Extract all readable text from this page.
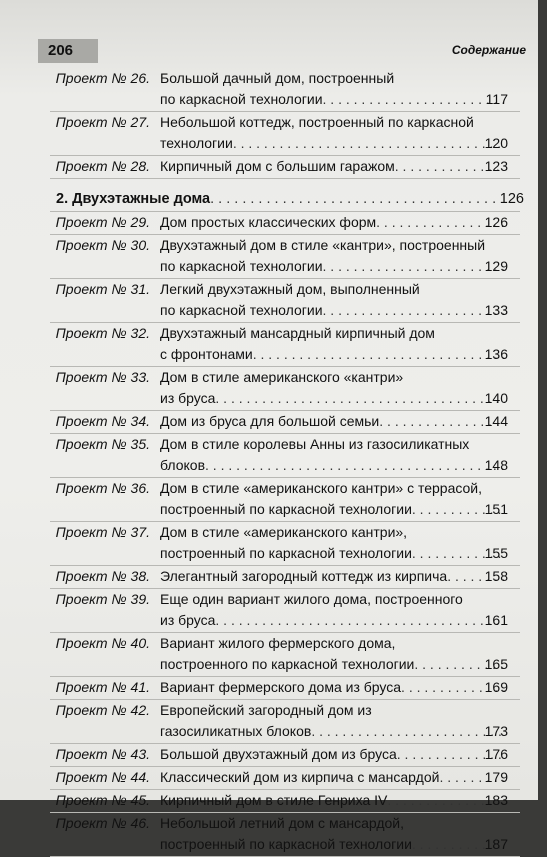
206	Содержание
Проект № 26. Большой дачный дом, построенный
по каркасной технологии . . .	117
Проект № 27. Небольшой коттедж, построенный по каркасной
технологии . . .	120
Проект № 28. Кирпичный дом с большим гаражом . . .	123
2. Двухэтажные дома . . .	126
Проект № 29. Дом простых классических форм . . .	126
Проект № 30. Двухэтажный дом в стиле «кантри», построенный
по каркасной технологии . . .	129
Проект № 31. Легкий двухэтажный дом, выполненный
по каркасной технологии . . .	133
Проект № 32. Двухэтажный мансардный кирпичный дом
с фронтонами . . .	136
Проект № 33. Дом в стиле американского «кантри»
из бруса . . .	140
Проект № 34. Дом из бруса для большой семьи . . .	144
Проект № 35. Дом в стиле королевы Анны из газосиликатных
блоков . . .	148
Проект № 36. Дом в стиле «американского кантри» с террасой,
построенный по каркасной технологии . . .	151
Проект № 37. Дом в стиле «американского кантри»,
построенный по каркасной технологии . . .	155
Проект № 38. Элегантный загородный коттедж из кирпича . . .	158
Проект № 39. Еще один вариант жилого дома, построенного
из бруса . . .	161
Проект № 40. Вариант жилого фермерского дома,
построенного по каркасной технологии . . .	165
Проект № 41. Вариант фермерского дома из бруса . . .	169
Проект № 42. Европейский загородный дом из
газосиликатных блоков . . .	173
Проект № 43. Большой двухэтажный дом из бруса . . .	176
Проект № 44. Классический дом из кирпича с мансардой . . .	179
Проект № 45. Кирпичный дом в стиле Генриха IV . . .	183
Проект № 46. Небольшой летний дом с мансардой,
построенный по каркасной технологии . . .	187
